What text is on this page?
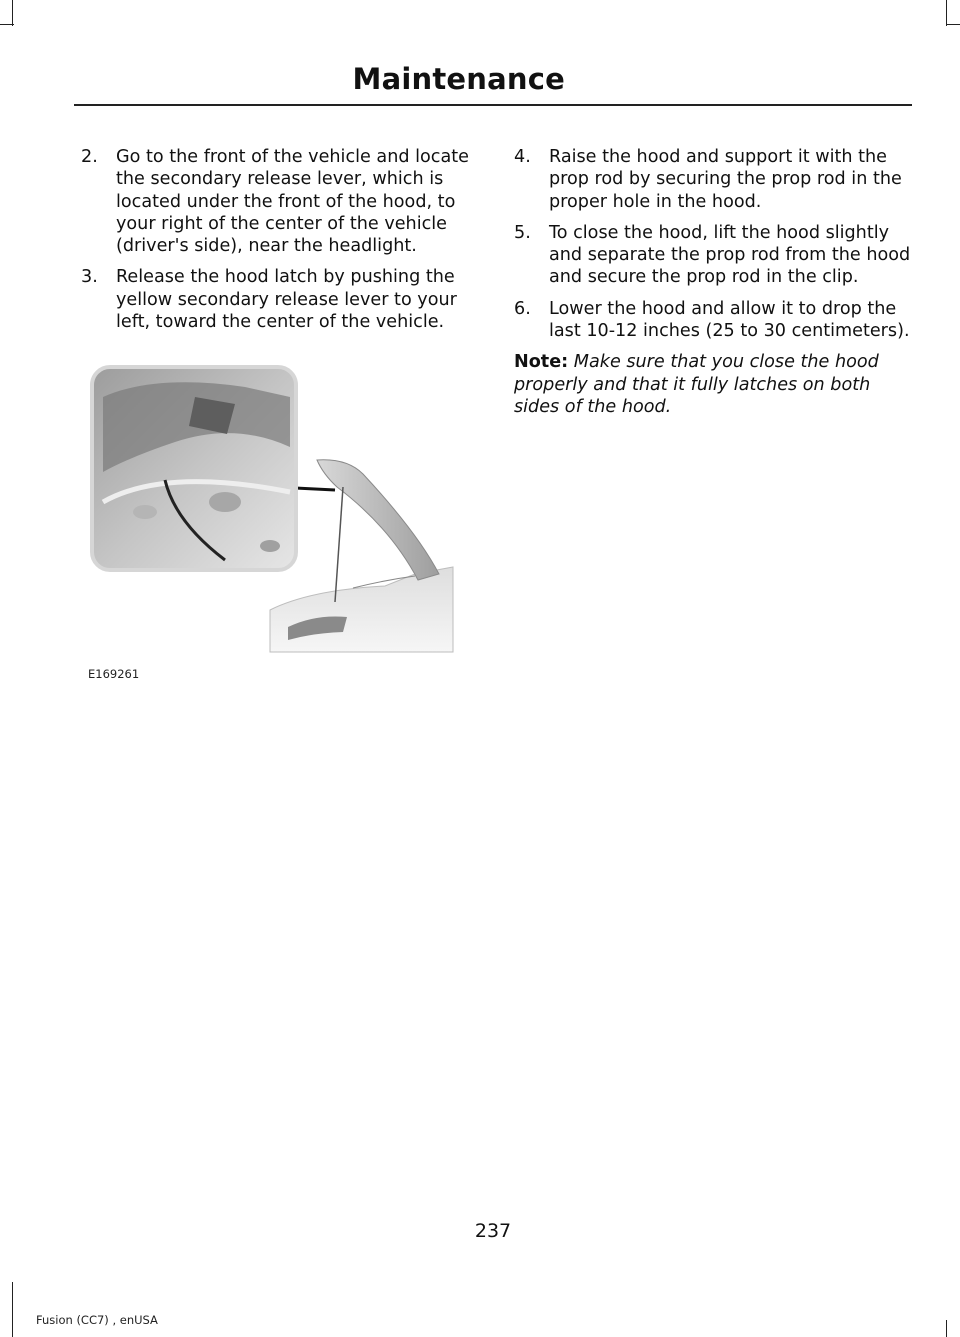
Maintenance
2. Go to the front of the vehicle and locate the secondary release lever, which is located under the front of the hood, to your right of the center of the vehicle (driver's side), near the headlight.
3. Release the hood latch by pushing the yellow secondary release lever to your left, toward the center of the vehicle.
E169261
4. Raise the hood and support it with the prop rod by securing the prop rod in the proper hole in the hood.
5. To close the hood, lift the hood slightly and separate the prop rod from the hood and secure the prop rod in the clip.
6. Lower the hood and allow it to drop the last 10-12 inches (25 to 30 centimeters).

Note: Make sure that you close the hood properly and that it fully latches on both sides of the hood.

237
Fusion (CC7) , enUSA
